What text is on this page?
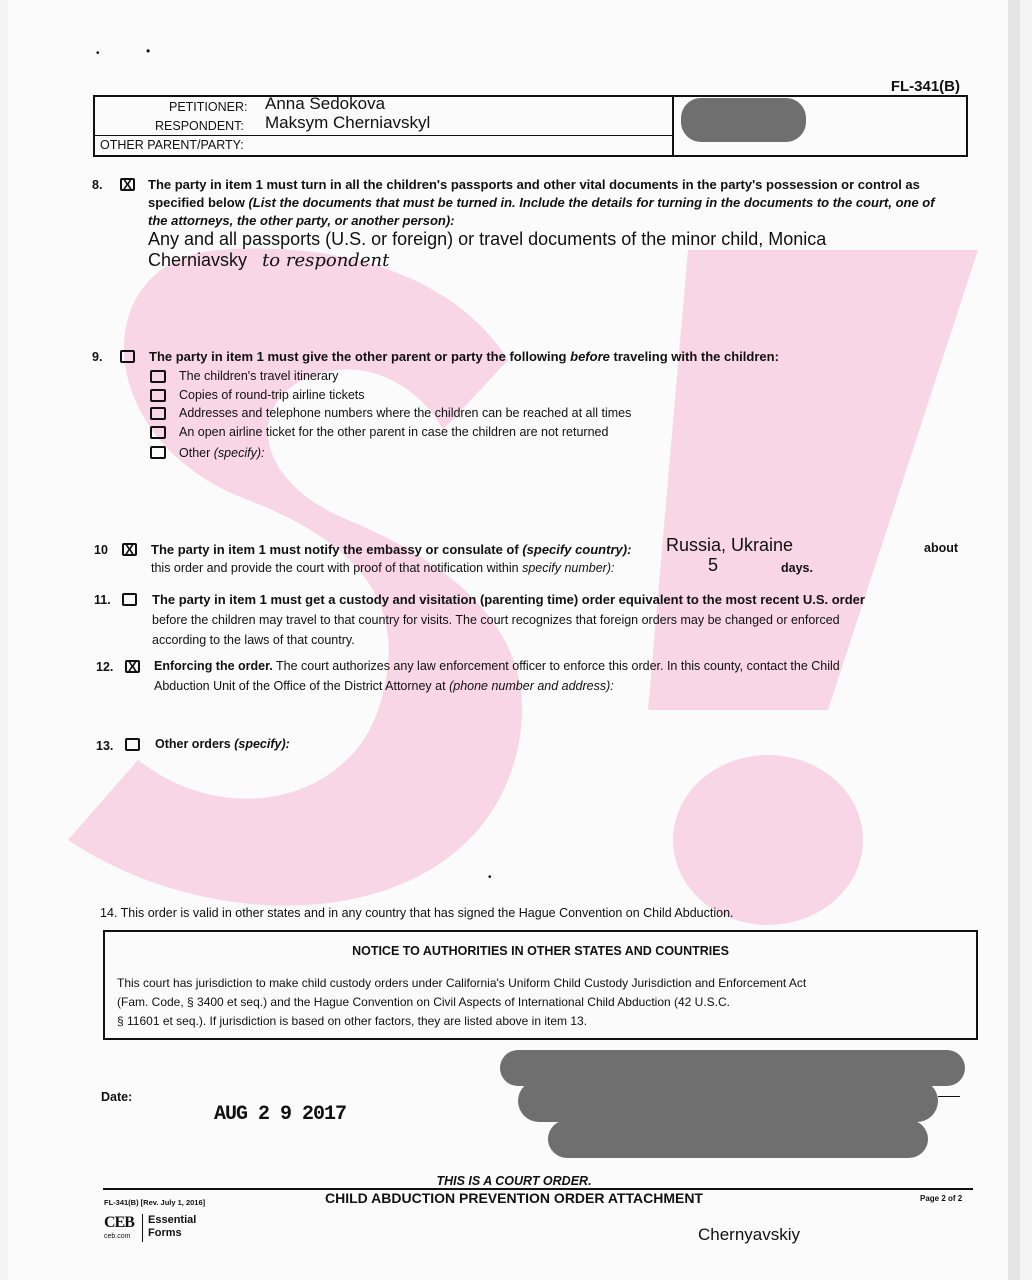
•	•
FL-341(B)
PETITIONER: Anna Sedokova
RESPONDENT: Maksym Cherniavskyl
OTHER PARENT/PARTY:
8. X The party in item 1 must turn in all the children's passports and other vital documents in the party's possession or control as specified below (List the documents that must be turned in. Include the details for turning in the documents to the court, one of the attorneys, the other party, or another person):
Any and all passports (U.S. or foreign) or travel documents of the minor child, Monica
Cherniavsky to respondent
9.	The party in item 1 must give the other parent or party the following before traveling with the children:
The children's travel itinerary
Copies of round-trip airline tickets
Addresses and telephone numbers where the children can be reached at all times
An open airline ticket for the other parent in case the children are not returned
Other (specify):
10 X The party in item 1 must notify the embassy or consulate of (specify country): Russia, Ukraine	about
this order and provide the court with proof of that notification within specify number):	5	days.
11.	The party in item 1 must get a custody and visitation (parenting time) order equivalent to the most recent U.S. order
before the children may travel to that country for visits. The court recognizes that foreign orders may be changed or enforced
according to the laws of that country.
12. X Enforcing the order. The court authorizes any law enforcement officer to enforce this order. In this county, contact the Child
Abduction Unit of the Office of the District Attorney at (phone number and address):
13.	Other orders (specify):
•
14. This order is valid in other states and in any country that has signed the Hague Convention on Child Abduction.
NOTICE TO AUTHORITIES IN OTHER STATES AND COUNTRIES
This court has jurisdiction to make child custody orders under California's Uniform Child Custody Jurisdiction and Enforcement Act
(Fam. Code, § 3400 et seq.) and the Hague Convention on Civil Aspects of International Child Abduction (42 U.S.C.
§ 11601 et seq.). If jurisdiction is based on other factors, they are listed above in item 13.
Date:
AUG 2 9 2017
THIS IS A COURT ORDER.
CHILD ABDUCTION PREVENTION ORDER ATTACHMENT
FL-341(B) [Rev. July 1, 2016]	Page 2 of 2
CEB
ceb.com
Essential
Forms	Chernyavskiy
